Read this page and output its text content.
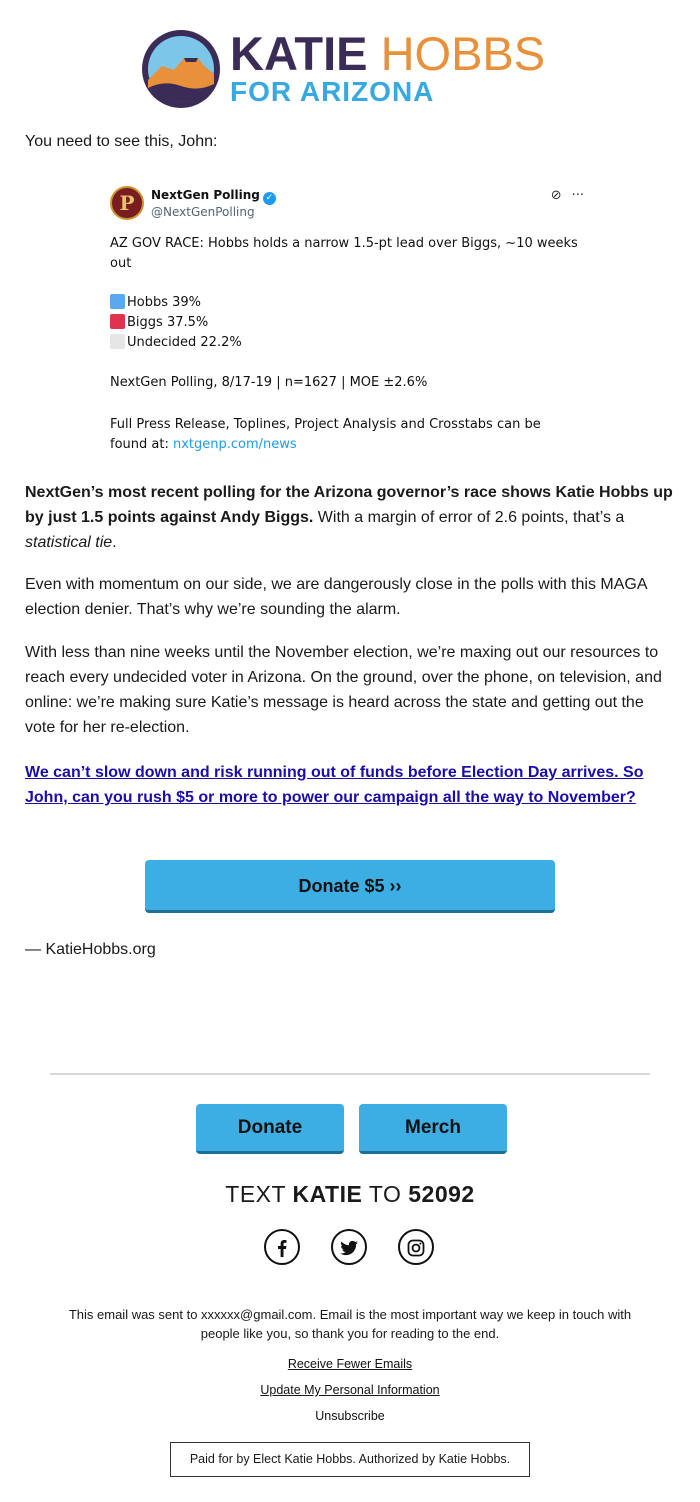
KATIE HOBBS
FOR ARIZONA
You need to see this, John:
P	NextGen Polling ✓
@NextGenPolling
⊘ ···
AZ GOV RACE: Hobbs holds a narrow 1.5-pt lead over Biggs, ~10 weeks out
Hobbs 39%
Biggs 37.5%
Undecided 22.2%
NextGen Polling, 8/17-19 | n=1627 | MOE ±2.6%
Full Press Release, Toplines, Project Analysis and Crosstabs can be found at: nxtgenp.com/news
NextGen’s most recent polling for the Arizona governor’s race shows Katie Hobbs up by just 1.5 points against Andy Biggs. With a margin of error of 2.6 points, that’s a statistical tie.
Even with momentum on our side, we are dangerously close in the polls with this MAGA election denier. That’s why we’re sounding the alarm.
With less than nine weeks until the November election, we’re maxing out our resources to reach every undecided voter in Arizona. On the ground, over the phone, on television, and online: we’re making sure Katie’s message is heard across the state and getting out the vote for her re-election.
We can’t slow down and risk running out of funds before Election Day arrives. So John, can you rush $5 or more to power our campaign all the way to November?
Donate $5 ››
— KatieHobbs.org
Donate	Merch
TEXT KATIE TO 52092
This email was sent to xxxxxx@gmail.com. Email is the most important way we keep in touch with people like you, so thank you for reading to the end.
Receive Fewer Emails
Update My Personal Information
Unsubscribe
Paid for by Elect Katie Hobbs. Authorized by Katie Hobbs.
